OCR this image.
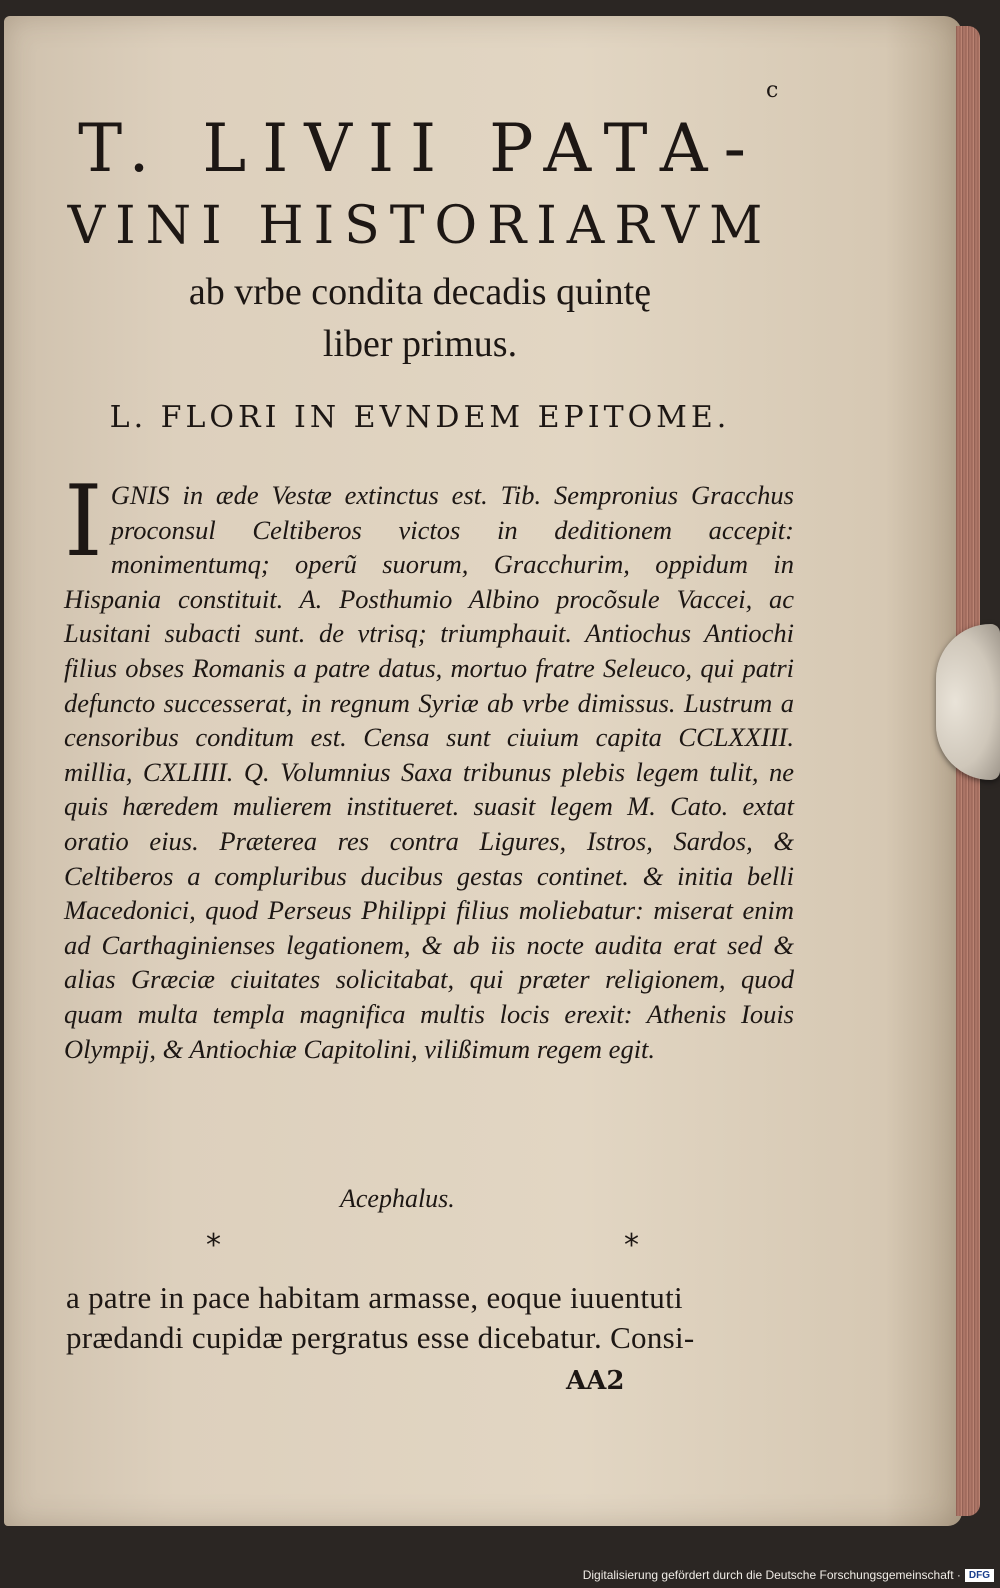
c
T. LIVII PATA-
VINI HISTORIARVM
ab vrbe condita decadis quintę
liber primus.
L. FLORI IN EVNDEM EPITOME.
I GNIS in æde Vestæ extinctus est. Tib. Sempronius Gracchus proconsul Celtiberos victos in deditionem accepit: monimentumq; operũ suorum, Gracchurim, oppidum in Hispania constituit. A. Posthumio Albino procõsule Vaccei, ac Lusitani subacti sunt. de vtrisq; triumphauit. Antiochus Antiochi filius obses Romanis a patre datus, mortuo fratre Seleuco, qui patri defuncto successerat, in regnum Syriæ ab vrbe dimissus. Lustrum a censoribus conditum est. Censa sunt ciuium capita CCLXXIII. millia, CXLIIII. Q. Volumnius Saxa tribunus plebis legem tulit, ne quis hæredem mulierem institueret. suasit legem M. Cato. extat oratio eius. Præterea res contra Ligures, Istros, Sardos, & Celtiberos a compluribus ducibus gestas continet. & initia belli Macedonici, quod Perseus Philippi filius moliebatur: miserat enim ad Carthaginienses legationem, & ab iis nocte audita erat sed & alias Græciæ ciuitates solicitabat, qui præter religionem, quod quam multa templa magnifica multis locis erexit: Athenis Iouis Olympij, & Antiochiæ Capitolini, vilißimum regem egit.
Acephalus.
*	*
a patre in pace habitam armasse, eoque iuuentuti
prædandi cupidæ pergratus esse dicebatur. Consi-
AA2
Digitalisierung gefördert durch die Deutsche Forschungsgemeinschaft · DFG
